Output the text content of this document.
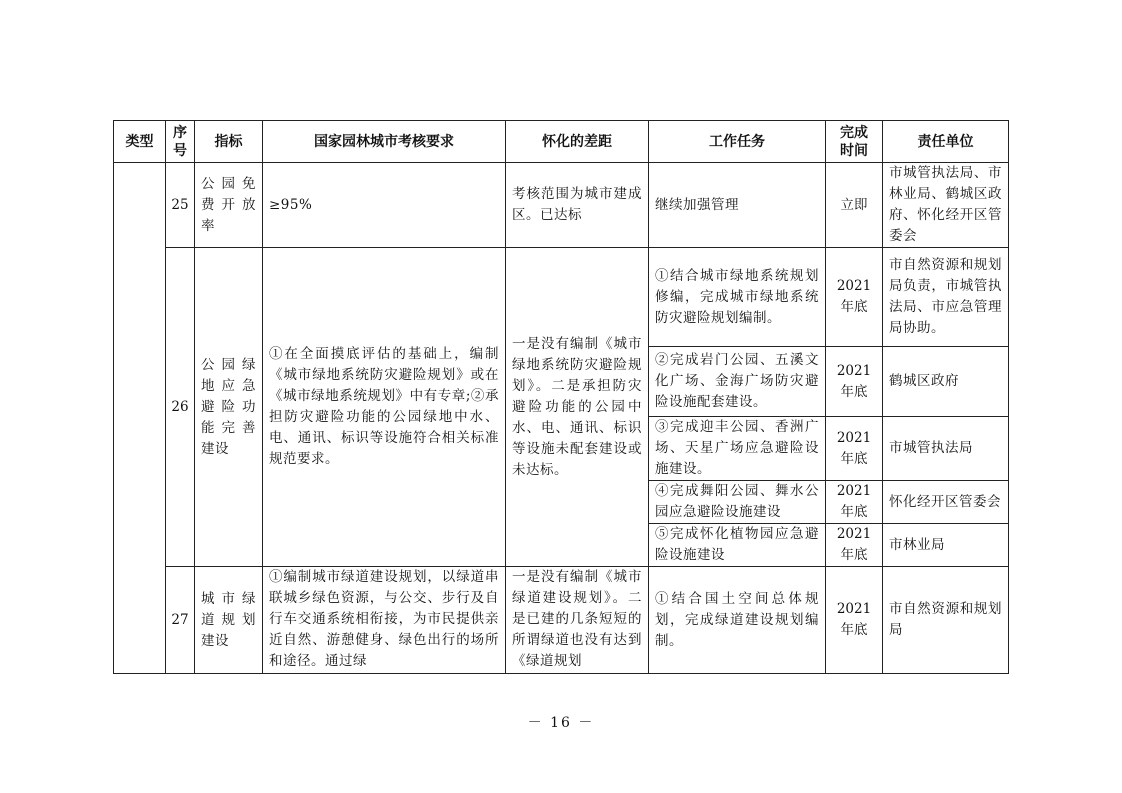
类型	序号	指标	国家园林城市考核要求	怀化的差距	工作任务	完成时间	责任单位
	25	公园免费开放率	≥95%	考核范围为城市建成区。已达标	继续加强管理	立即	市城管执法局、市林业局、鹤城区政府、怀化经开区管委会
	26	公园绿地应急避险功能完善建设	①在全面摸底评估的基础上，编制《城市绿地系统防灾避险规划》或在《城市绿地系统规划》中有专章;②承担防灾避险功能的公园绿地中水、电、通讯、标识等设施符合相关标准规范要求。	一是没有编制《城市绿地系统防灾避险规划》。二是承担防灾避险功能的公园中水、电、通讯、标识等设施未配套建设或未达标。	①结合城市绿地系统规划修编，完成城市绿地系统防灾避险规划编制。	2021年底	市自然资源和规划局负责，市城管执法局、市应急管理局协助。
					②完成岩门公园、五溪文化广场、金海广场防灾避险设施配套建设。	2021年底	鹤城区政府
					③完成迎丰公园、香洲广场、天星广场应急避险设施建设。	2021年底	市城管执法局
					④完成舞阳公园、舞水公园应急避险设施建设	2021年底	怀化经开区管委会
					⑤完成怀化植物园应急避险设施建设	2021年底	市林业局
	27	城市绿道规划建设	①编制城市绿道建设规划，以绿道串联城乡绿色资源，与公交、步行及自行车交通系统相衔接，为市民提供亲近自然、游憩健身、绿色出行的场所和途径。通过绿	一是没有编制《城市绿道建设规划》。二是已建的几条短短的所谓绿道也没有达到《绿道规划	①结合国土空间总体规划，完成绿道建设规划编制。	2021年底	市自然资源和规划局
－ 16 －
